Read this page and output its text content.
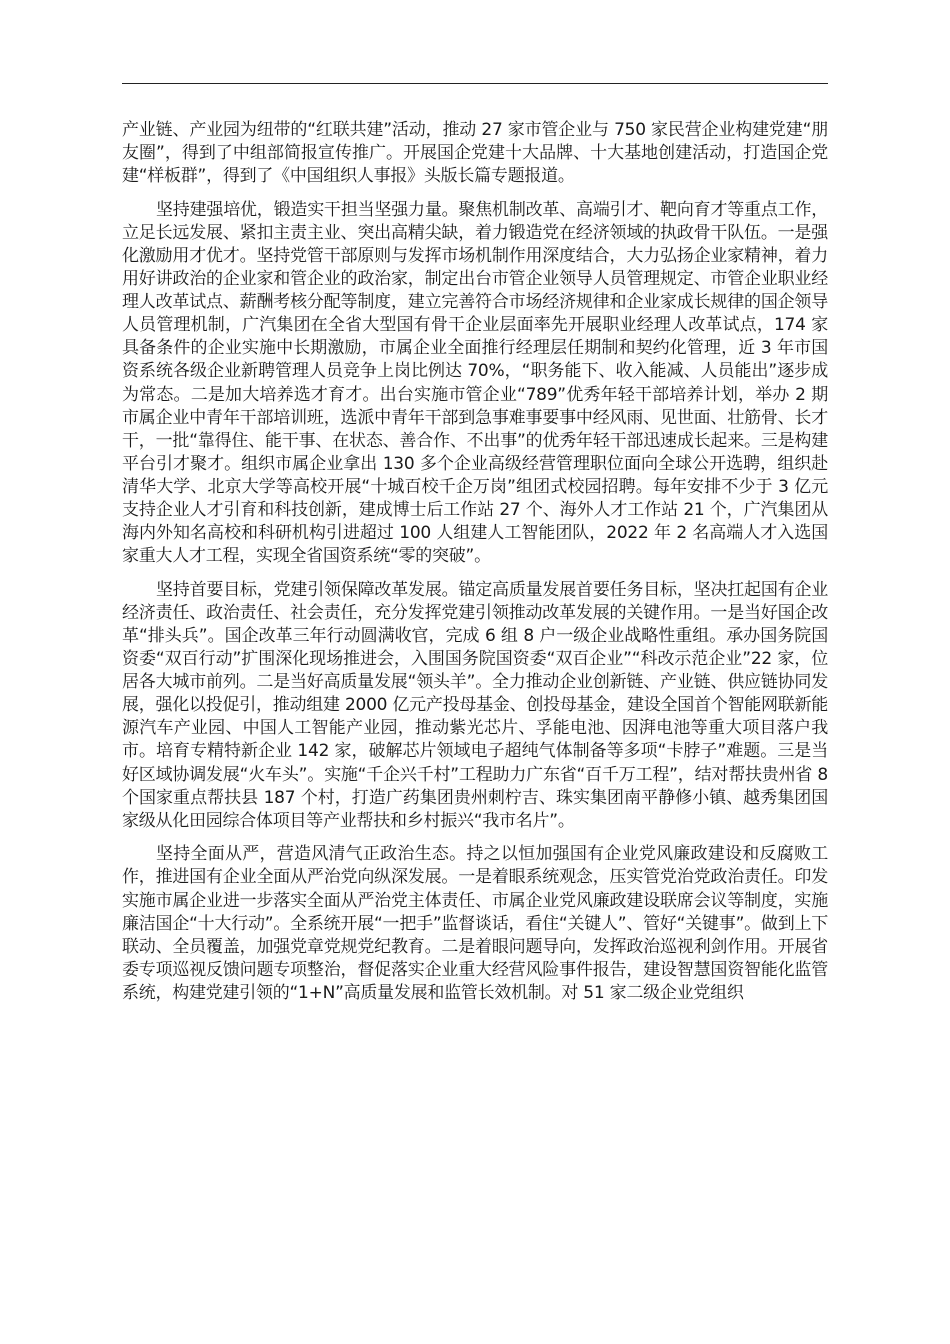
产业链、产业园为纽带的“红联共建”活动，推动 27 家市管企业与 750 家民营企业构建党建“朋友圈”，得到了中组部简报宣传推广。开展国企党建十大品牌、十大基地创建活动，打造国企党建“样板群”，得到了《中国组织人事报》头版长篇专题报道。

坚持建强培优，锻造实干担当坚强力量。聚焦机制改革、高端引才、靶向育才等重点工作，立足长远发展、紧扣主责主业、突出高精尖缺，着力锻造党在经济领域的执政骨干队伍。一是强化激励用才优才。坚持党管干部原则与发挥市场机制作用深度结合，大力弘扬企业家精神，着力用好讲政治的企业家和管企业的政治家，制定出台市管企业领导人员管理规定、市管企业职业经理人改革试点、薪酬考核分配等制度，建立完善符合市场经济规律和企业家成长规律的国企领导人员管理机制，广汽集团在全省大型国有骨干企业层面率先开展职业经理人改革试点，174 家具备条件的企业实施中长期激励，市属企业全面推行经理层任期制和契约化管理，近 3 年市国资系统各级企业新聘管理人员竞争上岗比例达 70%，“职务能下、收入能减、人员能出”逐步成为常态。二是加大培养选才育才。出台实施市管企业“789”优秀年轻干部培养计划，举办 2 期市属企业中青年干部培训班，选派中青年干部到急事难事要事中经风雨、见世面、壮筋骨、长才干，一批“靠得住、能干事、在状态、善合作、不出事”的优秀年轻干部迅速成长起来。三是构建平台引才聚才。组织市属企业拿出 130 多个企业高级经营管理职位面向全球公开选聘，组织赴清华大学、北京大学等高校开展“十城百校千企万岗”组团式校园招聘。每年安排不少于 3 亿元支持企业人才引育和科技创新，建成博士后工作站 27 个、海外人才工作站 21 个，广汽集团从海内外知名高校和科研机构引进超过 100 人组建人工智能团队，2022 年 2 名高端人才入选国家重大人才工程，实现全省国资系统“零的突破”。

坚持首要目标，党建引领保障改革发展。锚定高质量发展首要任务目标，坚决扛起国有企业经济责任、政治责任、社会责任，充分发挥党建引领推动改革发展的关键作用。一是当好国企改革“排头兵”。国企改革三年行动圆满收官，完成 6 组 8 户一级企业战略性重组。承办国务院国资委“双百行动”扩围深化现场推进会，入围国务院国资委“双百企业”“科改示范企业”22 家，位居各大城市前列。二是当好高质量发展“领头羊”。全力推动企业创新链、产业链、供应链协同发展，强化以投促引，推动组建 2000 亿元产投母基金、创投母基金，建设全国首个智能网联新能源汽车产业园、中国人工智能产业园，推动紫光芯片、孚能电池、因湃电池等重大项目落户我市。培育专精特新企业 142 家，破解芯片领域电子超纯气体制备等多项“卡脖子”难题。三是当好区域协调发展“火车头”。实施“千企兴千村”工程助力广东省“百千万工程”，结对帮扶贵州省 8 个国家重点帮扶县 187 个村，打造广药集团贵州刺柠吉、珠实集团南平静修小镇、越秀集团国家级从化田园综合体项目等产业帮扶和乡村振兴“我市名片”。

坚持全面从严，营造风清气正政治生态。持之以恒加强国有企业党风廉政建设和反腐败工作，推进国有企业全面从严治党向纵深发展。一是着眼系统观念，压实管党治党政治责任。印发实施市属企业进一步落实全面从严治党主体责任、市属企业党风廉政建设联席会议等制度，实施廉洁国企“十大行动”。全系统开展“一把手”监督谈话，看住“关键人”、管好“关键事”。做到上下联动、全员覆盖，加强党章党规党纪教育。二是着眼问题导向，发挥政治巡视利剑作用。开展省委专项巡视反馈问题专项整治，督促落实企业重大经营风险事件报告，建设智慧国资智能化监管系统，构建党建引领的“1+N”高质量发展和监管长效机制。对 51 家二级企业党组织
